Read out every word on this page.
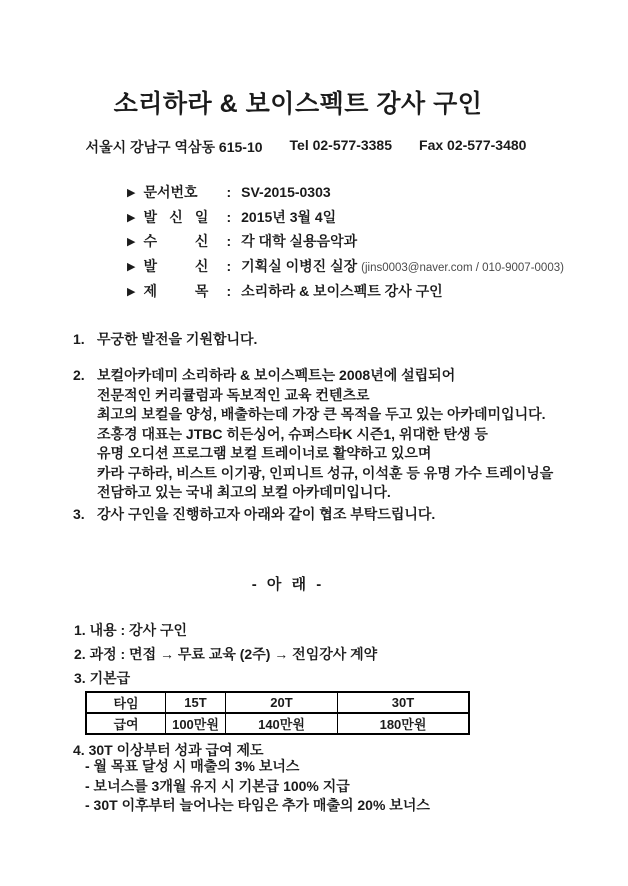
소리하라 & 보이스펙트 강사 구인
서울시 강남구 역삼동 615-10 Tel 02-577-3385 Fax 02-577-3480
▶ 문서번호 : SV-2015-0303
▶ 발 신 일 : 2015년 3월 4일
▶ 수 신 : 각 대학 실용음악과
▶ 발 신 : 기획실 이병진 실장 (jins0003@naver.com / 010-9007-0003)
▶ 제 목 : 소리하라 & 보이스펙트 강사 구인
1. 무궁한 발전을 기원합니다.
2. 보컬아카데미 소리하라 & 보이스펙트는 2008년에 설립되어
전문적인 커리큘럼과 독보적인 교육 컨텐츠로
최고의 보컬을 양성, 배출하는데 가장 큰 목적을 두고 있는 아카데미입니다.
조홍경 대표는 JTBC 히든싱어, 슈퍼스타K 시즌1, 위대한 탄생 등
유명 오디션 프로그램 보컬 트레이너로 활약하고 있으며
카라 구하라, 비스트 이기광, 인피니트 성규, 이석훈 등 유명 가수 트레이닝을
전담하고 있는 국내 최고의 보컬 아카데미입니다.
3. 강사 구인을 진행하고자 아래와 같이 협조 부탁드립니다.
- 아 래 -
1. 내용 : 강사 구인
2. 과정 : 면접 → 무료 교육 (2주) → 전임강사 계약
3. 기본급
타임	15T	20T	30T
급여	100만원	140만원	180만원
4. 30T 이상부터 성과 급여 제도
- 월 목표 달성 시 매출의 3% 보너스
- 보너스를 3개월 유지 시 기본급 100% 지급
- 30T 이후부터 늘어나는 타임은 추가 매출의 20% 보너스
